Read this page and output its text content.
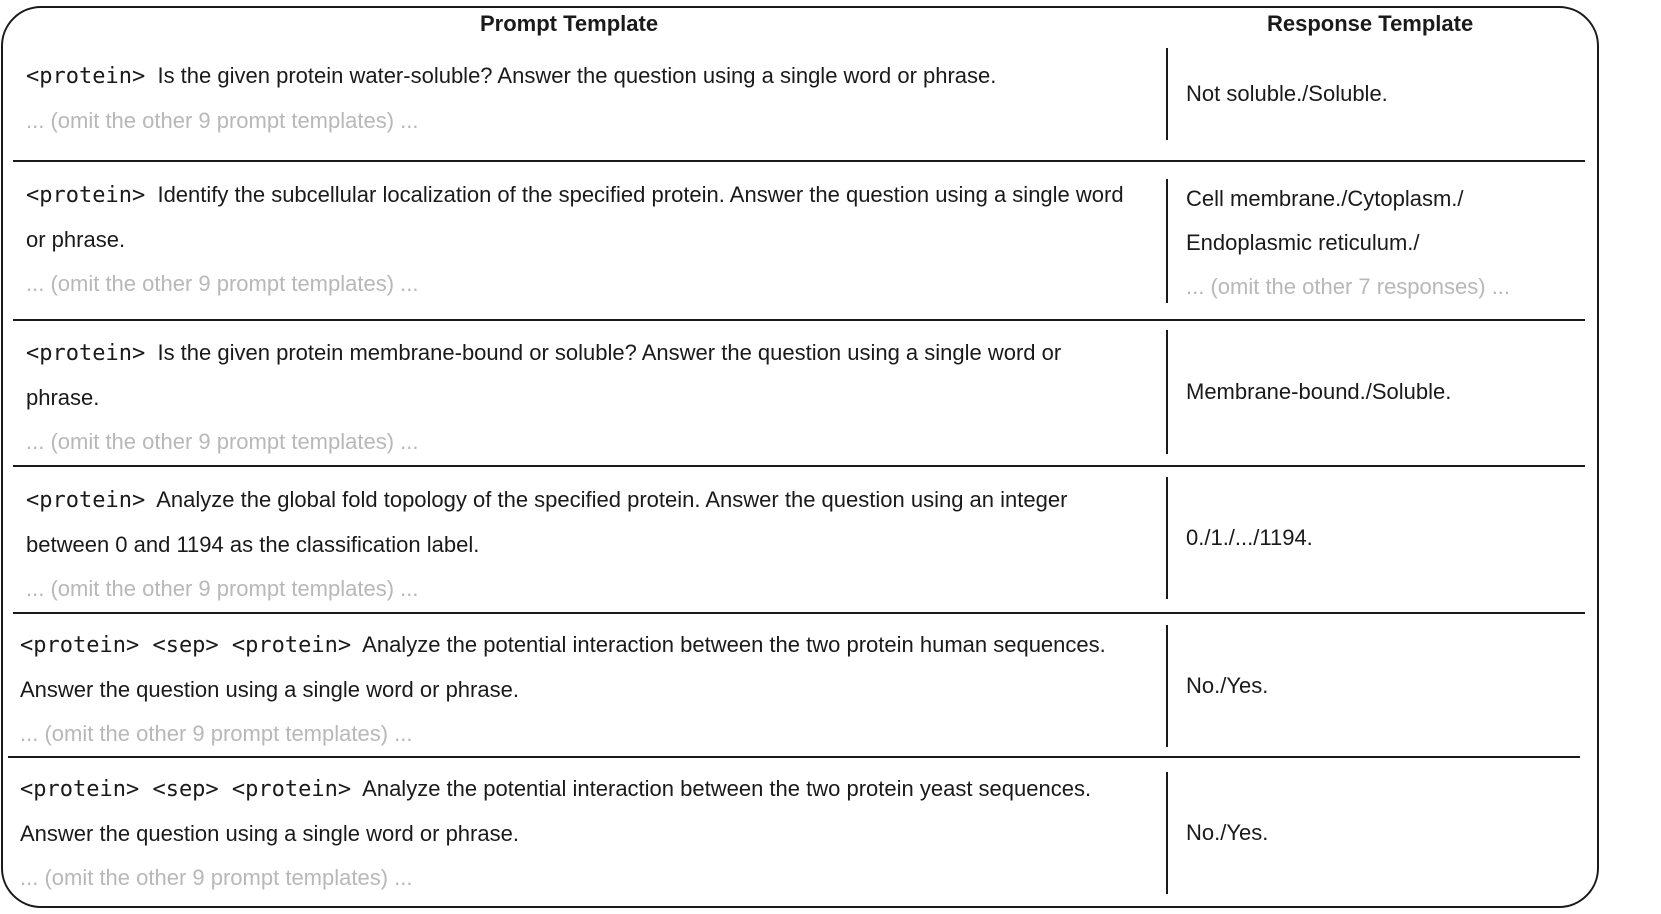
Prompt Template	Response Template

<protein> Is the given protein water-soluble? Answer the question using a single word or phrase.

... (omit the other 9 prompt templates) ...

Not soluble./Soluble.

<protein> Identify the subcellular localization of the specified protein. Answer the question using a single word or phrase.

... (omit the other 9 prompt templates) ...

Cell membrane./Cytoplasm./

Endoplasmic reticulum./

... (omit the other 7 responses) ...

<protein> Is the given protein membrane-bound or soluble? Answer the question using a single word or phrase.

... (omit the other 9 prompt templates) ...

Membrane-bound./Soluble.

<protein> Analyze the global fold topology of the specified protein. Answer the question using an integer between 0 and 1194 as the classification label.

... (omit the other 9 prompt templates) ...

0./1./.../1194.

<protein> <sep> <protein> Analyze the potential interaction between the two protein human sequences. Answer the question using a single word or phrase.

... (omit the other 9 prompt templates) ...

No./Yes.

<protein> <sep> <protein> Analyze the potential interaction between the two protein yeast sequences. Answer the question using a single word or phrase.

... (omit the other 9 prompt templates) ...

No./Yes.
